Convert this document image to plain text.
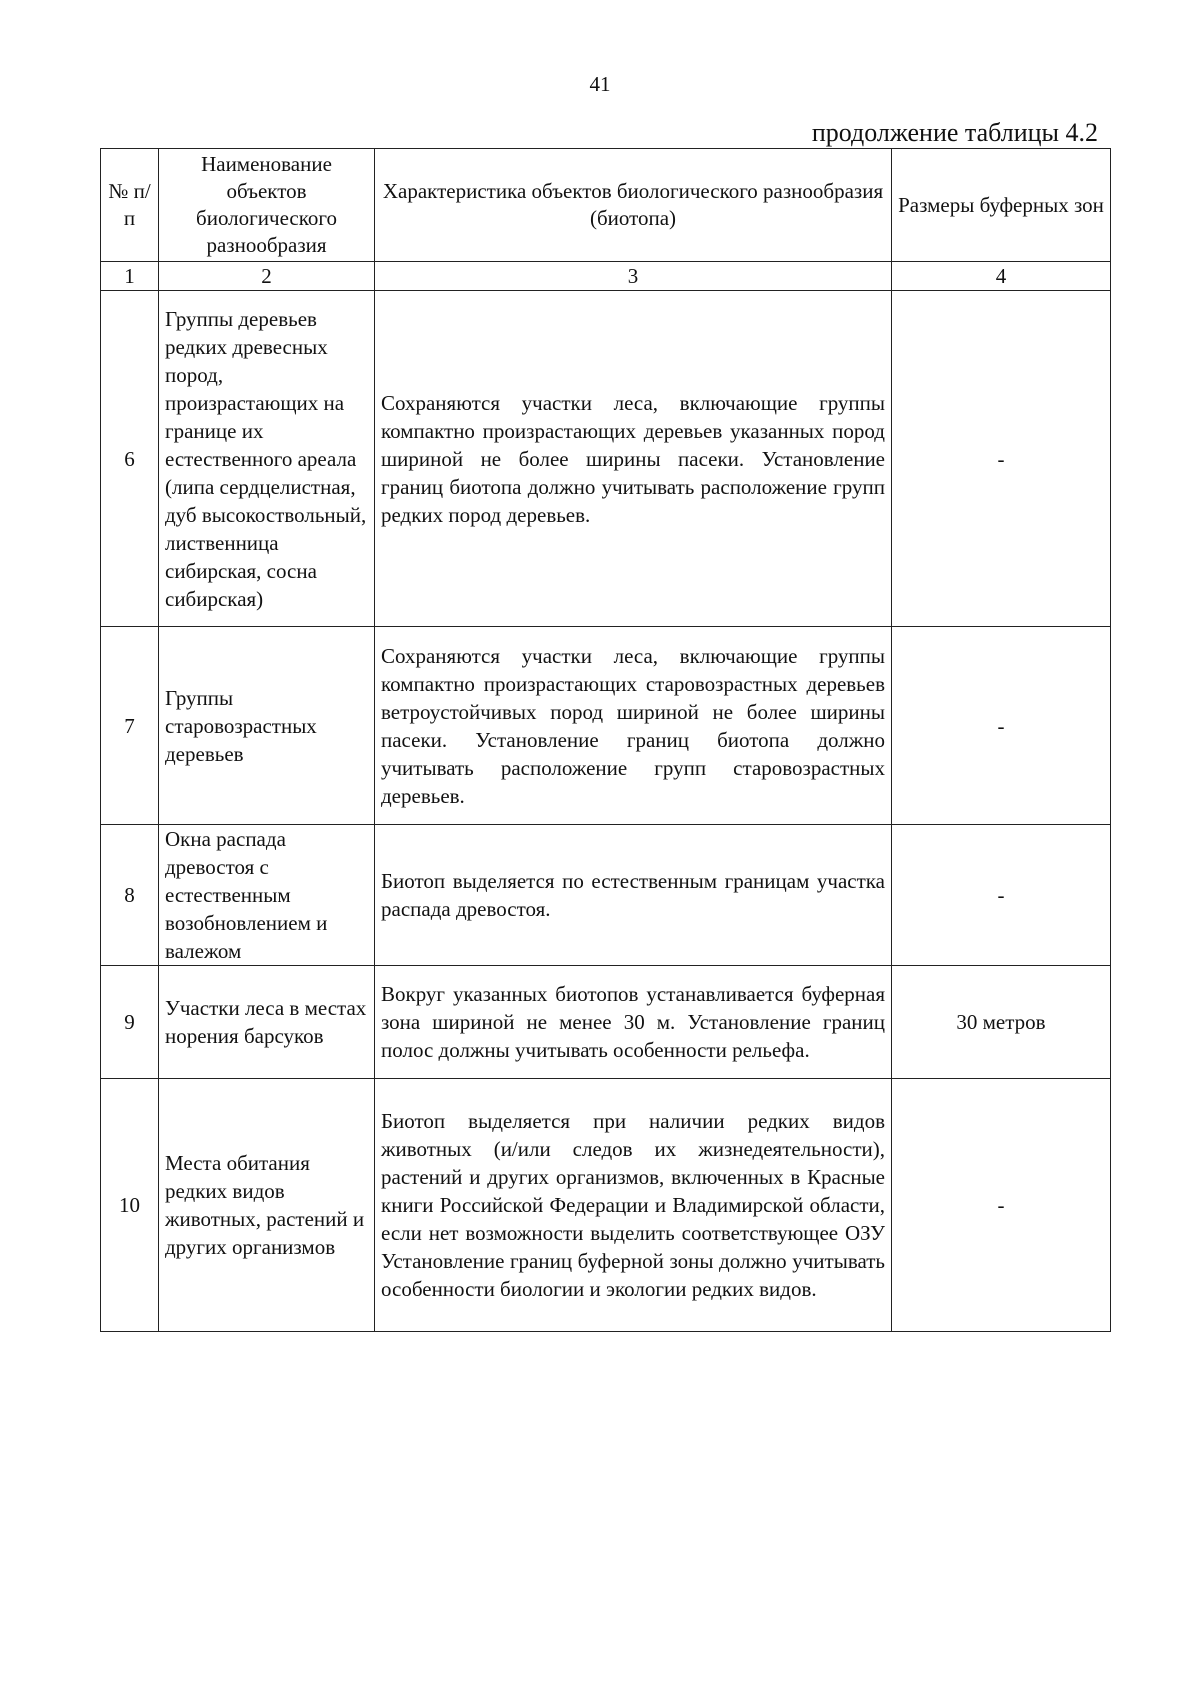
41
продолжение таблицы 4.2
№ п/п	Наименование объектов биологического разнообразия	Характеристика объектов биологического разнообразия (биотопа)	Размеры буферных зон
1	2	3	4
6	Группы деревьев редких древесных пород, произрастающих на границе их естественного ареала (липа сердцелистная, дуб высокоствольный, лиственница сибирская, сосна сибирская)	Сохраняются участки леса, включающие группы компактно произрастающих деревьев указанных пород шириной не более ширины пасеки. Установление границ биотопа должно учитывать расположение групп редких пород деревьев.	-
7	Группы старовозрастных деревьев	Сохраняются участки леса, включающие группы компактно произрастающих старовозрастных деревьев ветроустойчивых пород шириной не более ширины пасеки. Установление границ биотопа должно учитывать расположение групп старовозрастных деревьев.	-
8	Окна распада древостоя с естественным возобновлением и валежом	Биотоп выделяется по естественным границам участка распада древостоя.	-
9	Участки леса в местах норения барсуков	Вокруг указанных биотопов устанавливается буферная зона шириной не менее 30 м. Установление границ полос должны учитывать особенности рельефа.	30 метров
10	Места обитания редких видов животных, растений и других организмов	Биотоп выделяется при наличии редких видов животных (и/или следов их жизнедеятельности), растений и других организмов, включенных в Красные книги Российской Федерации и Владимирской области, если нет возможности выделить соответствующее ОЗУ Установление границ буферной зоны должно учитывать особенности биологии и экологии редких видов.	-
